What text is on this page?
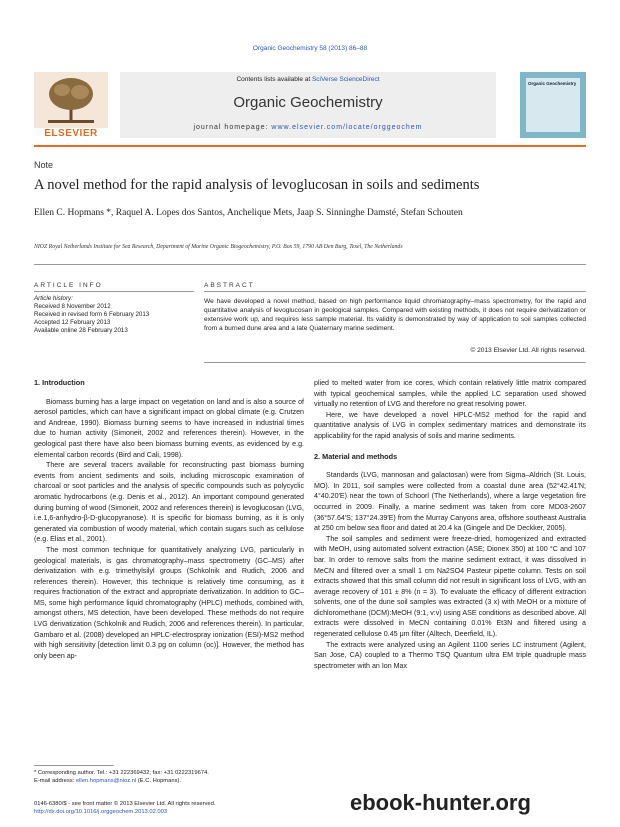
Organic Geochemistry 58 (2013) 86–88
ELSEVIER
Contents lists available at SciVerse ScienceDirect
Organic Geochemistry
journal homepage: www.elsevier.com/locate/orggeochem
Organic Geochemistry
Note
A novel method for the rapid analysis of levoglucosan in soils and sediments
Ellen C. Hopmans *, Raquel A. Lopes dos Santos, Anchelique Mets, Jaap S. Sinninghe Damsté, Stefan Schouten
NIOZ Royal Netherlands Institute for Sea Research, Department of Marine Organic Biogeochemistry, P.O. Box 59, 1790 AB Den Burg, Texel, The Netherlands
ARTICLE INFO	ABSTRACT
Article history:
Received 8 November 2012
Received in revised form 6 February 2013
Accepted 12 February 2013
Available online 28 February 2013
We have developed a novel method, based on high performance liquid chromatography–mass spectrometry, for the rapid and quantitative analysis of levoglucosan in geological samples. Compared with existing methods, it does not require derivatization or extensive work up, and requires less sample material. Its validity is demonstrated by way of application to soil samples collected from a burned dune area and a late Quaternary marine sediment.
© 2013 Elsevier Ltd. All rights reserved.
1. Introduction

Biomass burning has a large impact on vegetation on land and is also a source of aerosol particles, which can have a significant impact on global climate (e.g. Crutzen and Andreae, 1990). Biomass burning seems to have increased in industrial times due to human activity (Simoneit, 2002 and references therein). However, in the geological past there have also been biomass burning events, as evidenced by e.g. elemental carbon records (Bird and Cali, 1998).

There are several tracers available for reconstructing past biomass burning events from ancient sediments and soils, including microscopic examination of charcoal or soot particles and the analysis of specific compounds such as polycyclic aromatic hydrocarbons (e.g. Denis et al., 2012). An important compound generated during burning of wood (Simoneit, 2002 and references therein) is levoglucosan (LVG, i.e.1,6-anhydro-β-D-glucopyranose). It is specific for biomass burning, as it is only generated via combustion of woody material, which contain sugars such as cellulose (e.g. Elias et al., 2001).

The most common technique for quantitatively analyzing LVG, particularly in geological materials, is gas chromatography–mass spectrometry (GC–MS) after derivatization with e.g. trimethylsilyl groups (Schkolnik and Rudich, 2006 and references therein). However, this technique is relatively time consuming, as it requires fractionation of the extract and appropriate derivatization. In addition to GC–MS, some high performance liquid chromatography (HPLC) methods, combined with, amongst others, MS detection, have been developed. These methods do not require LVG derivatization (Schkolnik and Rudich, 2006 and references therein). In particular, Gambaro et al. (2008) developed an HPLC-electrospray ionization (ESI)-MS2 method with high sensitivity [detection limit 0.3 pg on column (oc)]. However, the method has only been ap-

plied to melted water from ice cores, which contain relatively little matrix compared with typical geochemical samples, while the applied LC separation used showed virtually no retention of LVG and therefore no great resolving power.

Here, we have developed a novel HPLC-MS2 method for the rapid and quantitative analysis of LVG in complex sedimentary matrices and demonstrate its applicability for the rapid analysis of soils and marine sediments.

2. Material and methods

Standards (LVG, mannosan and galactosan) were from Sigma–Aldrich (St. Louis, MO). In 2011, soil samples were collected from a coastal dune area (52°42.41′N; 4°40.20′E) near the town of Schoorl (The Netherlands), where a large vegetation fire occurred in 2009. Finally, a marine sediment was taken from core MD03-2607 (36°57.64′S; 137°24.39′E) from the Murray Canyons area, offshore southeast Australia at 250 cm below sea floor and dated at 20.4 ka (Gingele and De Deckker, 2005).

The soil samples and sediment were freeze-dried, homogenized and extracted with MeOH, using automated solvent extraction (ASE; Dionex 350) at 100 °C and 107 bar. In order to remove salts from the marine sediment extract, it was dissolved in MeCN and filtered over a small 1 cm Na2SO4 Pasteur pipette column. Tests on soil extracts showed that this small column did not result in significant loss of LVG, with an average recovery of 101 ± 8% (n = 3). To evaluate the efficacy of different extraction solvents, one of the dune soil samples was extracted (3 x) with MeOH or a mixture of dichloromethane (DCM):MeOH (9:1, v:v) using ASE conditions as described above. All extracts were dissolved in MeCN containing 0.01% Et3N and filtered using a regenerated cellulose 0.45 μm filter (Alltech, Deerfield, IL).

The extracts were analyzed using an Agilent 1100 series LC instrument (Agilent, San Jose, CA) coupled to a Thermo TSQ Quantum ultra EM triple quadruple mass spectrometer with an Ion Max

* Corresponding author. Tel.: +31 222369432; fax: +31 0222319674.
E-mail address: ellen.hopmans@nioz.nl (E.C. Hopmans).
0146-6380/$ - see front matter © 2013 Elsevier Ltd. All rights reserved.
http://dx.doi.org/10.1016/j.orggeochem.2013.02.003	ebook-hunter.org
